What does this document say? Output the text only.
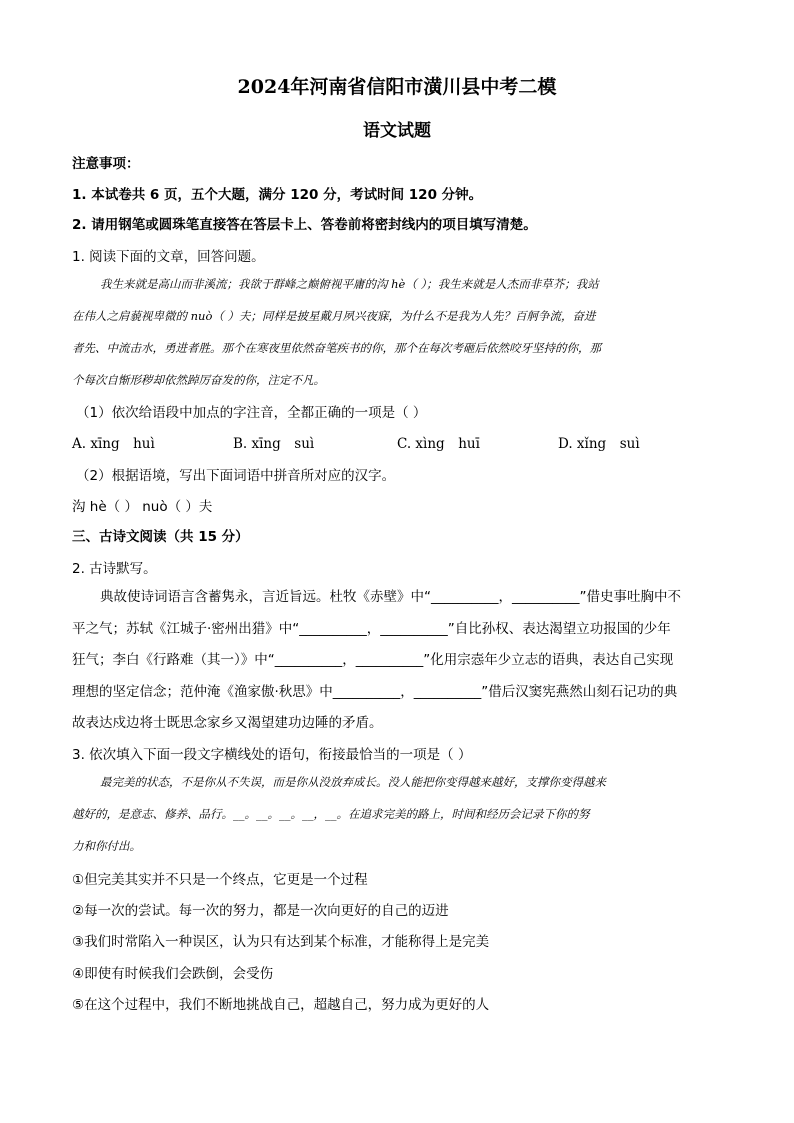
2024年河南省信阳市潢川县中考二模
语文试题
注意事项：
1. 本试卷共 6 页，五个大题，满分 120 分，考试时间 120 分钟。
2. 请用钢笔或圆珠笔直接答在答层卡上、答卷前将密封线内的项目填写清楚。
1. 阅读下面的文章，回答问题。
我生来就是高山而非溪流；我欲于群峰之巅俯视平庸的沟 hè（ ）；我生来就是人杰而非草芥；我站
在伟人之肩藐视卑微的 nuò（ ）夫；同样是披星戴月夙兴夜寐，为什么不是我为人先？百舸争流，奋进
者先、中流击水，勇进者胜。那个在寒夜里依然奋笔疾书的你，那个在每次考砸后依然咬牙坚持的你，那
个每次自惭形秽却依然踔厉奋发的你，注定不凡。
（1）依次给语段中加点的字注音，全都正确的一项是（ ）
A. xīng　huì	B. xīng　suì	C. xìng　huī	D. xǐng　suì
（2）根据语境，写出下面词语中拼音所对应的汉字。
沟 hè（ ） nuò（ ）夫
三、古诗文阅读（共 15 分）
2. 古诗默写。
典故使诗词语言含蓄隽永，言近旨远。杜牧《赤壁》中“__________，__________”借史事吐胸中不
平之气；苏轼《江城子·密州出猎》中“__________，__________”自比孙权、表达渴望立功报国的少年
狂气；李白《行路难（其一）》中“__________，__________”化用宗悫年少立志的语典，表达自己实现
理想的坚定信念；范仲淹《渔家傲·秋思》中__________，__________”借后汉窦宪燕然山刻石记功的典
故表达戍边将士既思念家乡又渴望建功边陲的矛盾。
3. 依次填入下面一段文字横线处的语句，衔接最恰当的一项是（ ）
最完美的状态，不是你从不失误，而是你从没放弃成长。没人能把你变得越来越好，支撑你变得越来
越好的，是意志、修养、品行。__。__。__。__，__。在追求完美的路上，时间和经历会记录下你的努
力和你付出。
①但完美其实并不只是一个终点，它更是一个过程
②每一次的尝试。每一次的努力，都是一次向更好的自己的迈进
③我们时常陷入一种误区，认为只有达到某个标准，才能称得上是完美
④即使有时候我们会跌倒，会受伤
⑤在这个过程中，我们不断地挑战自己，超越自己，努力成为更好的人
